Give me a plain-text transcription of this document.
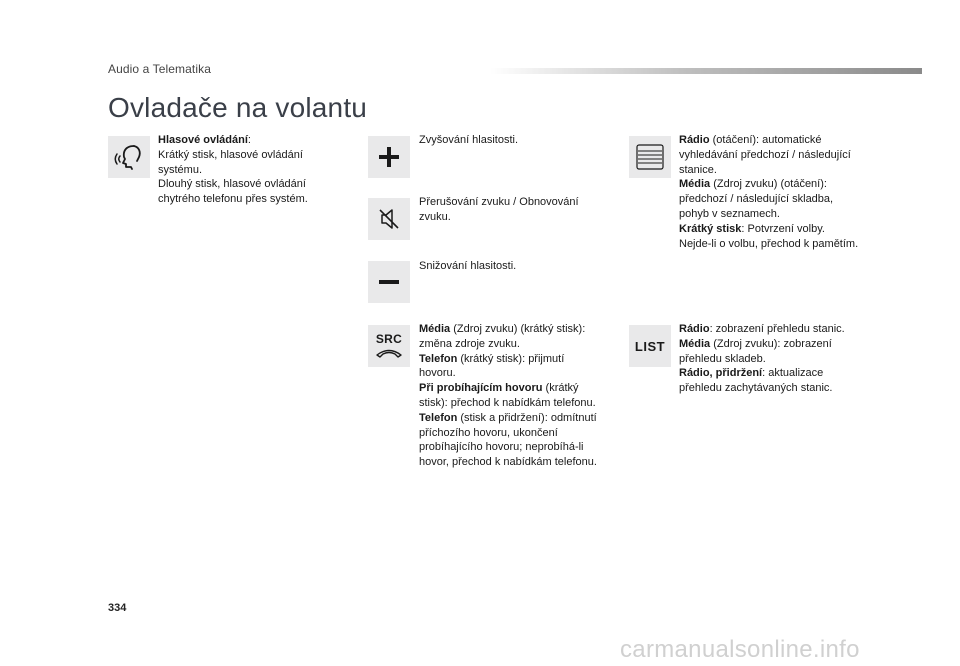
Audio a Telematika
Ovladače na volantu
Hlasové ovládání:
Krátký stisk, hlasové ovládání
systému.
Dlouhý stisk, hlasové ovládání
chytrého telefonu přes systém.
Zvyšování hlasitosti.
Přerušování zvuku / Obnovování
zvuku.
Snižování hlasitosti.
SRC
Média (Zdroj zvuku) (krátký stisk):
změna zdroje zvuku.
Telefon (krátký stisk): přijmutí
hovoru.
Při probíhajícím hovoru (krátký
stisk): přechod k nabídkám telefonu.
Telefon (stisk a přidržení): odmítnutí
příchozího hovoru, ukončení
probíhajícího hovoru; neprobíhá-li
hovor, přechod k nabídkám telefonu.
Rádio (otáčení): automatické
vyhledávání předchozí / následující
stanice.
Média (Zdroj zvuku) (otáčení):
předchozí / následující skladba,
pohyb v seznamech.
Krátký stisk: Potvrzení volby.
Nejde-li o volbu, přechod k pamětím.
LIST
Rádio: zobrazení přehledu stanic.
Média (Zdroj zvuku): zobrazení
přehledu skladeb.
Rádio, přidržení: aktualizace
přehledu zachytávaných stanic.
334
carmanualsonline.info
